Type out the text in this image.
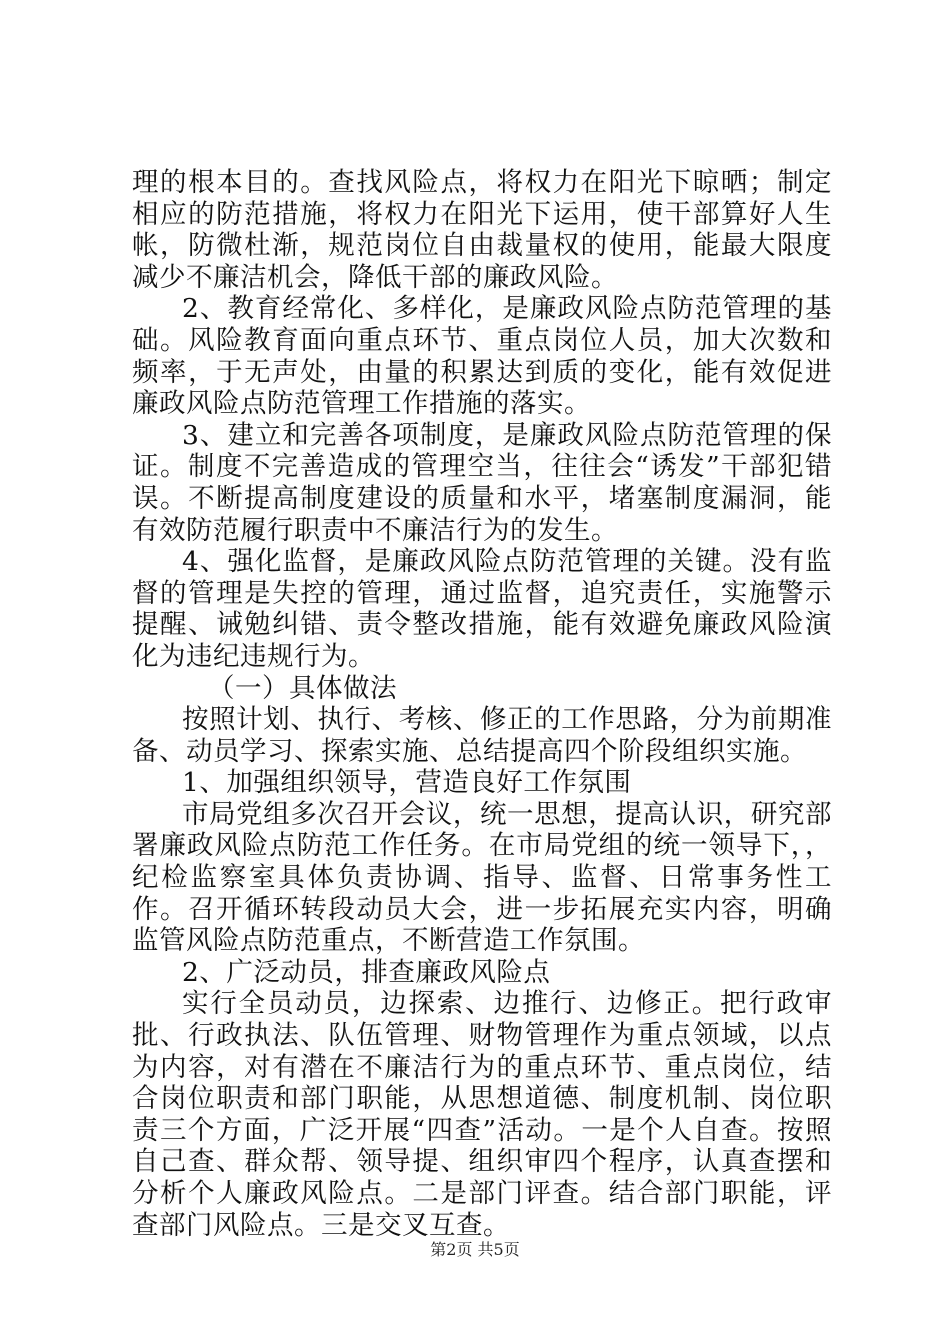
理的根本目的。查找风险点，将权力在阳光下晾晒；制定相应的防范措施，将权力在阳光下运用，使干部算好人生帐，防微杜渐，规范岗位自由裁量权的使用，能最大限度减少不廉洁机会，降低干部的廉政风险。

2、教育经常化、多样化，是廉政风险点防范管理的基础。风险教育面向重点环节、重点岗位人员，加大次数和频率，于无声处，由量的积累达到质的变化，能有效促进廉政风险点防范管理工作措施的落实。

3、建立和完善各项制度，是廉政风险点防范管理的保证。制度不完善造成的管理空当，往往会“诱发”干部犯错误。不断提高制度建设的质量和水平，堵塞制度漏洞，能有效防范履行职责中不廉洁行为的发生。

4、强化监督，是廉政风险点防范管理的关键。没有监督的管理是失控的管理，通过监督，追究责任，实施警示提醒、诫勉纠错、责令整改措施，能有效避免廉政风险演化为违纪违规行为。

（一）具体做法

按照计划、执行、考核、修正的工作思路，分为前期准备、动员学习、探索实施、总结提高四个阶段组织实施。

1、加强组织领导，营造良好工作氛围

市局党组多次召开会议，统一思想，提高认识，研究部署廉政风险点防范工作任务。在市局党组的统一领导下，，纪检监察室具体负责协调、指导、监督、日常事务性工作。召开循环转段动员大会，进一步拓展充实内容，明确监管风险点防范重点，不断营造工作氛围。

2、广泛动员，排查廉政风险点

实行全员动员，边探索、边推行、边修正。把行政审批、行政执法、队伍管理、财物管理作为重点领域，以点为内容，对有潜在不廉洁行为的重点环节、重点岗位，结合岗位职责和部门职能，从思想道德、制度机制、岗位职责三个方面，广泛开展“四查”活动。一是个人自查。按照自己查、群众帮、领导提、组织审四个程序，认真查摆和分析个人廉政风险点。二是部门评查。结合部门职能，评查部门风险点。三是交叉互查。

第2页 共5页
